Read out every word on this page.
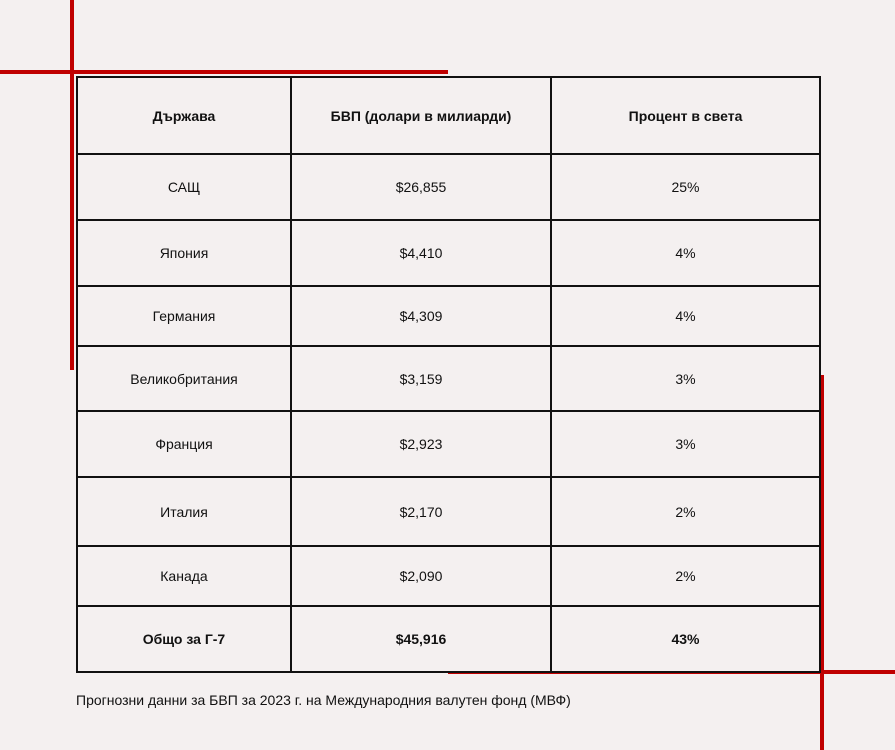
Държава	БВП (долари в милиарди)	Процент в света
САЩ	$26,855	25%
Япония	$4,410	4%
Германия	$4,309	4%
Великобритания	$3,159	3%
Франция	$2,923	3%
Италия	$2,170	2%
Канада	$2,090	2%
Общо за Г-7	$45,916	43%
Прогнозни данни за БВП за 2023 г. на Международния валутен фонд (МВФ)
